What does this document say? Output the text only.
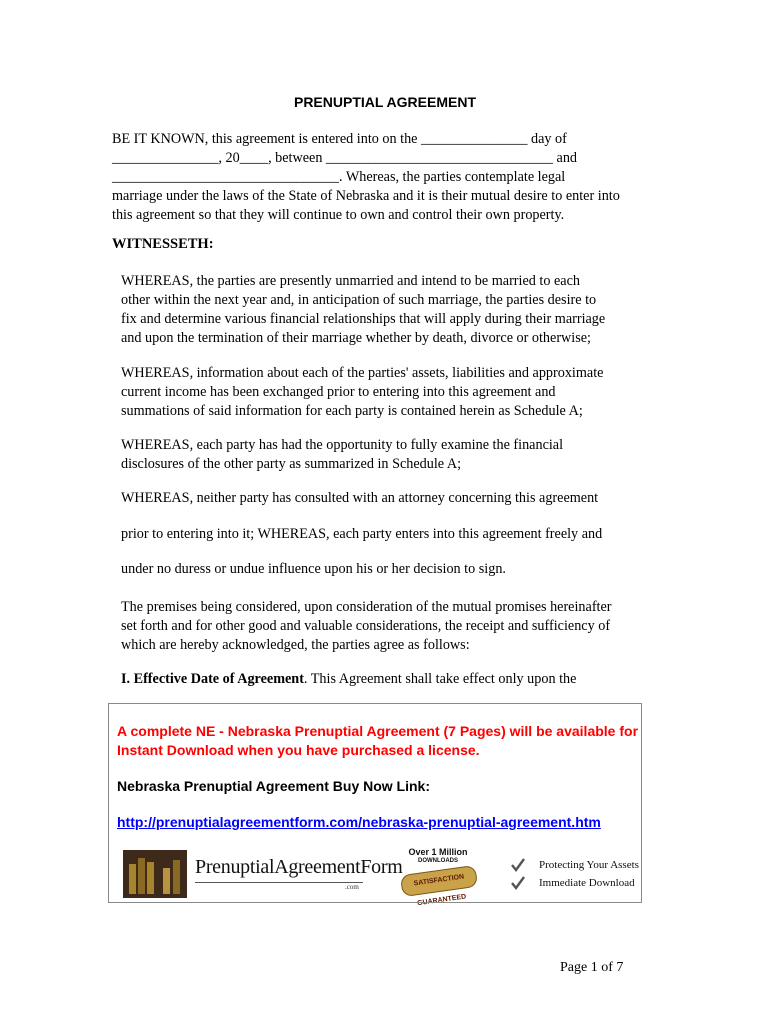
PRENUPTIAL AGREEMENT
BE IT KNOWN, this agreement is entered into on the _______________ day of
_______________, 20____, between ________________________________ and
________________________________. Whereas, the parties contemplate legal
marriage under the laws of the State of Nebraska and it is their mutual desire to enter into
this agreement so that they will continue to own and control their own property.
WITNESSETH:
WHEREAS, the parties are presently unmarried and intend to be married to each
other within the next year and, in anticipation of such marriage, the parties desire to
fix and determine various financial relationships that will apply during their marriage
and upon the termination of their marriage whether by death, divorce or otherwise;
WHEREAS, information about each of the parties' assets, liabilities and approximate
current income has been exchanged prior to entering into this agreement and
summations of said information for each party is contained herein as Schedule A;
WHEREAS, each party has had the opportunity to fully examine the financial
disclosures of the other party as summarized in Schedule A;
WHEREAS, neither party has consulted with an attorney concerning this agreement
prior to entering into it; WHEREAS, each party enters into this agreement freely and
under no duress or undue influence upon his or her decision to sign.
The premises being considered, upon consideration of the mutual promises hereinafter
set forth and for other good and valuable considerations, the receipt and sufficiency of
which are hereby acknowledged, the parties agree as follows:
I. Effective Date of Agreement. This Agreement shall take effect only upon the
A complete NE - Nebraska Prenuptial Agreement (7 Pages) will be available for
Instant Download when you have purchased a license.
Nebraska Prenuptial Agreement Buy Now Link:
http://prenuptialagreementform.com/nebraska-prenuptial-agreement.htm
PrenuptialAgreementForm
.com
Over 1 Million
DOWNLOADS
SATISFACTION GUARANTEED
Protecting Your Assets
Immediate Download
Page 1 of 7
